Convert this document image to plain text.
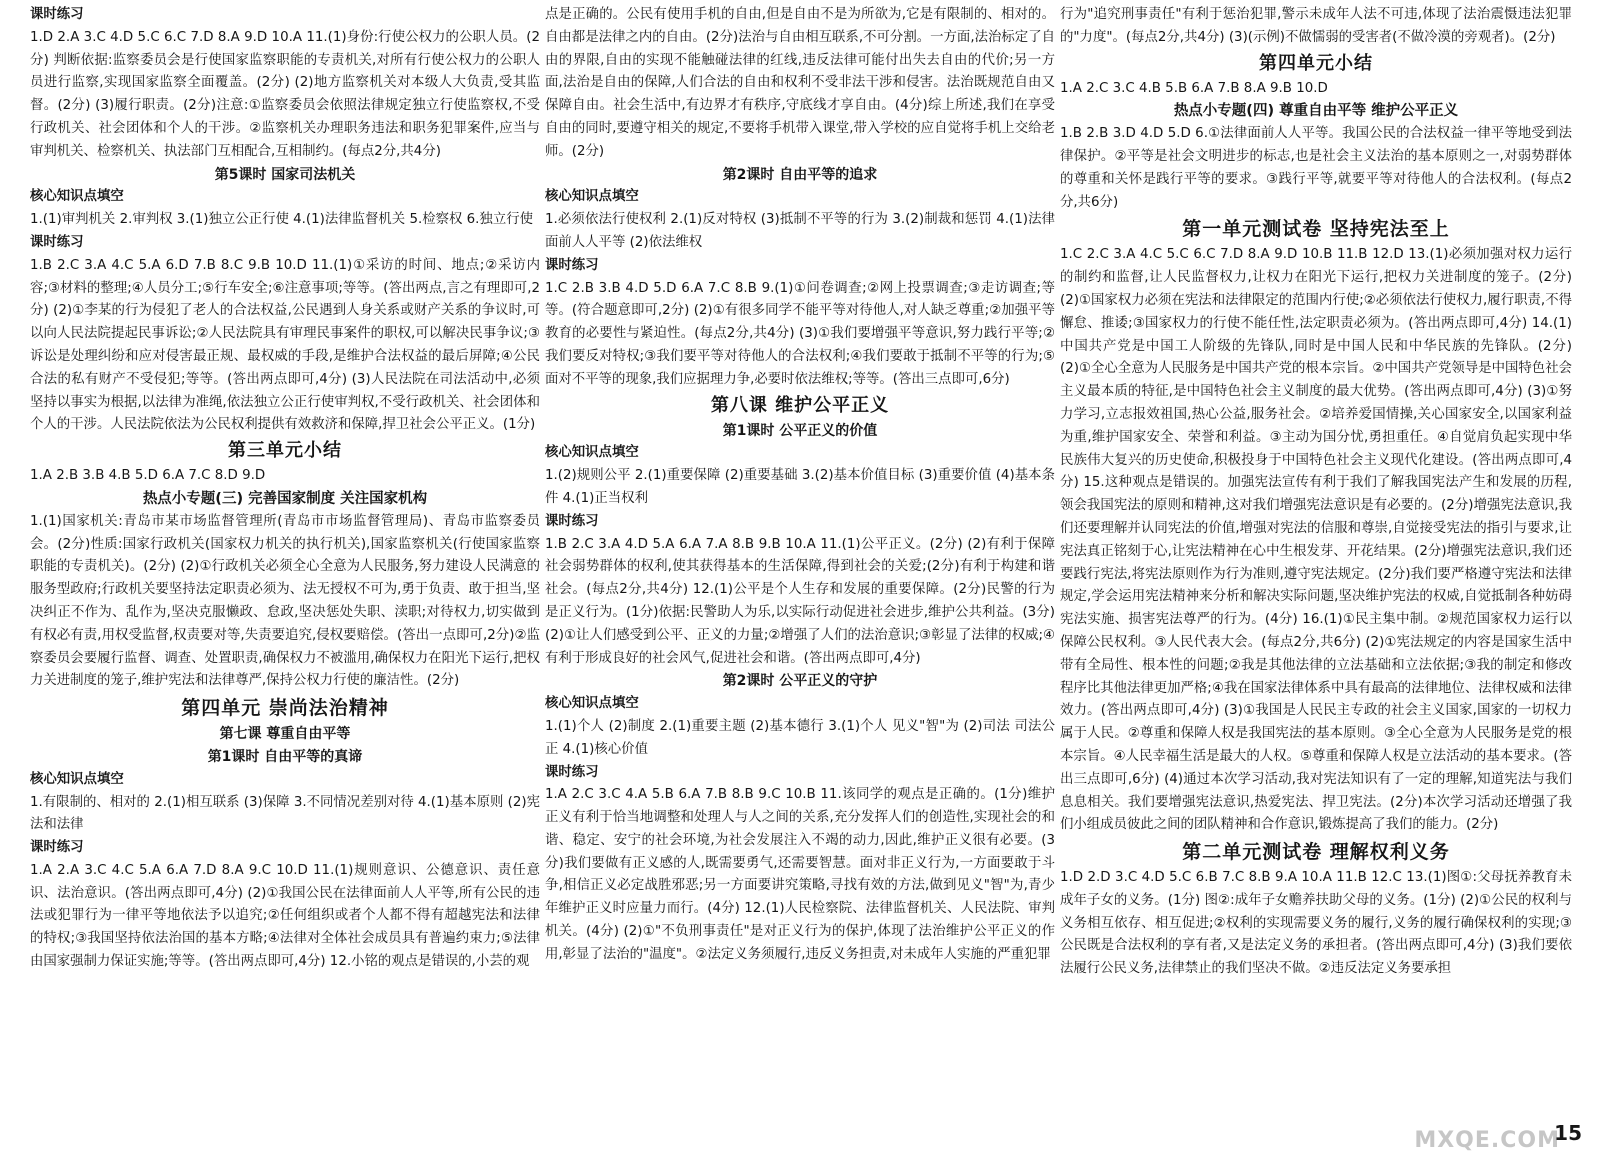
课时练习

1.D 2.A 3.C 4.D 5.C 6.C 7.D 8.A 9.D 10.A 11.(1)身份:行使公权力的公职人员。(2分) 判断依据:监察委员会是行使国家监察职能的专责机关,对所有行使公权力的公职人员进行监察,实现国家监察全面覆盖。(2分) (2)地方监察机关对本级人大负责,受其监督。(2分) (3)履行职责。(2分)注意:①监察委员会依照法律规定独立行使监察权,不受行政机关、社会团体和个人的干涉。②监察机关办理职务违法和职务犯罪案件,应当与审判机关、检察机关、执法部门互相配合,互相制约。(每点2分,共4分)

第5课时 国家司法机关

核心知识点填空

1.(1)审判机关 2.审判权 3.(1)独立公正行使 4.(1)法律监督机关 5.检察权 6.独立行使

课时练习

1.B 2.C 3.A 4.C 5.A 6.D 7.B 8.C 9.B 10.D 11.(1)①采访的时间、地点;②采访内容;③材料的整理;④人员分工;⑤行车安全;⑥注意事项;等等。(答出两点,言之有理即可,2分) (2)①李某的行为侵犯了老人的合法权益,公民遇到人身关系或财产关系的争议时,可以向人民法院提起民事诉讼;②人民法院具有审理民事案件的职权,可以解决民事争议;③诉讼是处理纠纷和应对侵害最正规、最权威的手段,是维护合法权益的最后屏障;④公民合法的私有财产不受侵犯;等等。(答出两点即可,4分) (3)人民法院在司法活动中,必须坚持以事实为根据,以法律为准绳,依法独立公正行使审判权,不受行政机关、社会团体和个人的干涉。人民法院依法为公民权利提供有效救济和保障,捍卫社会公平正义。(1分)

第三单元小结

1.A 2.B 3.B 4.B 5.D 6.A 7.C 8.D 9.D

热点小专题(三) 完善国家制度 关注国家机构

1.(1)国家机关:青岛市某市场监督管理所(青岛市市场监督管理局)、青岛市监察委员会。(2分)性质:国家行政机关(国家权力机关的执行机关),国家监察机关(行使国家监察职能的专责机关)。(2分) (2)①行政机关必须全心全意为人民服务,努力建设人民满意的服务型政府;行政机关要坚持法定职责必须为、法无授权不可为,勇于负责、敢于担当,坚决纠正不作为、乱作为,坚决克服懒政、怠政,坚决惩处失职、渎职;对待权力,切实做到有权必有责,用权受监督,权责要对等,失责要追究,侵权要赔偿。(答出一点即可,2分)②监察委员会要履行监督、调查、处置职责,确保权力不被滥用,确保权力在阳光下运行,把权力关进制度的笼子,维护宪法和法律尊严,保持公权力行使的廉洁性。(2分)

第四单元 崇尚法治精神

第七课 尊重自由平等

第1课时 自由平等的真谛

核心知识点填空

1.有限制的、相对的 2.(1)相互联系 (3)保障 3.不同情况差别对待 4.(1)基本原则 (2)宪法和法律

课时练习

1.A 2.A 3.C 4.C 5.A 6.A 7.D 8.A 9.C 10.D 11.(1)规则意识、公德意识、责任意识、法治意识。(答出两点即可,4分) (2)①我国公民在法律面前人人平等,所有公民的违法或犯罪行为一律平等地依法予以追究;②任何组织或者个人都不得有超越宪法和法律的特权;③我国坚持依法治国的基本方略;④法律对全体社会成员具有普遍约束力;⑤法律由国家强制力保证实施;等等。(答出两点即可,4分) 12.小铭的观点是错误的,小芸的观

点是正确的。公民有使用手机的自由,但是自由不是为所欲为,它是有限制的、相对的。自由都是法律之内的自由。(2分)法治与自由相互联系,不可分割。一方面,法治标定了自由的界限,自由的实现不能触碰法律的红线,违反法律可能付出失去自由的代价;另一方面,法治是自由的保障,人们合法的自由和权利不受非法干涉和侵害。法治既规范自由又保障自由。社会生活中,有边界才有秩序,守底线才享自由。(4分)综上所述,我们在享受自由的同时,要遵守相关的规定,不要将手机带入课堂,带入学校的应自觉将手机上交给老师。(2分)

第2课时 自由平等的追求

核心知识点填空

1.必须依法行使权利 2.(1)反对特权 (3)抵制不平等的行为 3.(2)制裁和惩罚 4.(1)法律面前人人平等 (2)依法维权

课时练习

1.C 2.B 3.B 4.D 5.D 6.A 7.C 8.B 9.(1)①问卷调查;②网上投票调查;③走访调查;等等。(符合题意即可,2分) (2)①有很多同学不能平等对待他人,对人缺乏尊重;②加强平等教育的必要性与紧迫性。(每点2分,共4分) (3)①我们要增强平等意识,努力践行平等;②我们要反对特权;③我们要平等对待他人的合法权利;④我们要敢于抵制不平等的行为;⑤面对不平等的现象,我们应据理力争,必要时依法维权;等等。(答出三点即可,6分)

第八课 维护公平正义

第1课时 公平正义的价值

核心知识点填空

1.(2)规则公平 2.(1)重要保障 (2)重要基础 3.(2)基本价值目标 (3)重要价值 (4)基本条件 4.(1)正当权利

课时练习

1.B 2.C 3.A 4.D 5.A 6.A 7.A 8.B 9.B 10.A 11.(1)公平正义。(2分) (2)有利于保障社会弱势群体的权利,使其获得基本的生活保障,得到社会的关爱;(2分)有利于构建和谐社会。(每点2分,共4分) 12.(1)公平是个人生存和发展的重要保障。(2分)民警的行为是正义行为。(1分)依据:民警助人为乐,以实际行动促进社会进步,维护公共利益。(3分) (2)①让人们感受到公平、正义的力量;②增强了人们的法治意识;③彰显了法律的权威;④有利于形成良好的社会风气,促进社会和谐。(答出两点即可,4分)

第2课时 公平正义的守护

核心知识点填空

1.(1)个人 (2)制度 2.(1)重要主题 (2)基本德行 3.(1)个人 见义"智"为 (2)司法 司法公正 4.(1)核心价值

课时练习

1.A 2.C 3.C 4.A 5.B 6.A 7.B 8.B 9.C 10.B 11.该同学的观点是正确的。(1分)维护正义有利于恰当地调整和处理人与人之间的关系,充分发挥人们的创造性,实现社会的和谐、稳定、安宁的社会环境,为社会发展注入不竭的动力,因此,维护正义很有必要。(3分)我们要做有正义感的人,既需要勇气,还需要智慧。面对非正义行为,一方面要敢于斗争,相信正义必定战胜邪恶;另一方面要讲究策略,寻找有效的方法,做到见义"智"为,青少年维护正义时应量力而行。(4分) 12.(1)人民检察院、法律监督机关、人民法院、审判机关。(4分) (2)①"不负刑事责任"是对正义行为的保护,体现了法治维护公平正义的作用,彰显了法治的"温度"。②法定义务须履行,违反义务担责,对未成年人实施的严重犯罪

行为"追究刑事责任"有利于惩治犯罪,警示未成年人法不可违,体现了法治震慑违法犯罪的"力度"。(每点2分,共4分) (3)(示例)不做懦弱的受害者(不做冷漠的旁观者)。(2分)

第四单元小结

1.A 2.C 3.C 4.B 5.B 6.A 7.B 8.A 9.B 10.D

热点小专题(四) 尊重自由平等 维护公平正义

1.B 2.B 3.D 4.D 5.D 6.①法律面前人人平等。我国公民的合法权益一律平等地受到法律保护。②平等是社会文明进步的标志,也是社会主义法治的基本原则之一,对弱势群体的尊重和关怀是践行平等的要求。③践行平等,就要平等对待他人的合法权利。(每点2分,共6分)

第一单元测试卷 坚持宪法至上

1.C 2.C 3.A 4.C 5.C 6.C 7.D 8.A 9.D 10.B 11.B 12.D 13.(1)必须加强对权力运行的制约和监督,让人民监督权力,让权力在阳光下运行,把权力关进制度的笼子。(2分) (2)①国家权力必须在宪法和法律限定的范围内行使;②必须依法行使权力,履行职责,不得懈怠、推诿;③国家权力的行使不能任性,法定职责必须为。(答出两点即可,4分) 14.(1)中国共产党是中国工人阶级的先锋队,同时是中国人民和中华民族的先锋队。(2分) (2)①全心全意为人民服务是中国共产党的根本宗旨。②中国共产党领导是中国特色社会主义最本质的特征,是中国特色社会主义制度的最大优势。(答出两点即可,4分) (3)①努力学习,立志报效祖国,热心公益,服务社会。②培养爱国情操,关心国家安全,以国家利益为重,维护国家安全、荣誉和利益。③主动为国分忧,勇担重任。④自觉肩负起实现中华民族伟大复兴的历史使命,积极投身于中国特色社会主义现代化建设。(答出两点即可,4分) 15.这种观点是错误的。加强宪法宣传有利于我们了解我国宪法产生和发展的历程,领会我国宪法的原则和精神,这对我们增强宪法意识是有必要的。(2分)增强宪法意识,我们还要理解并认同宪法的价值,增强对宪法的信服和尊崇,自觉接受宪法的指引与要求,让宪法真正铭刻于心,让宪法精神在心中生根发芽、开花结果。(2分)增强宪法意识,我们还要践行宪法,将宪法原则作为行为准则,遵守宪法规定。(2分)我们要严格遵守宪法和法律规定,学会运用宪法精神来分析和解决实际问题,坚决维护宪法的权威,自觉抵制各种妨碍宪法实施、损害宪法尊严的行为。(4分) 16.(1)①民主集中制。②规范国家权力运行以保障公民权利。③人民代表大会。(每点2分,共6分) (2)①宪法规定的内容是国家生活中带有全局性、根本性的问题;②我是其他法律的立法基础和立法依据;③我的制定和修改程序比其他法律更加严格;④我在国家法律体系中具有最高的法律地位、法律权威和法律效力。(答出两点即可,4分) (3)①我国是人民民主专政的社会主义国家,国家的一切权力属于人民。②尊重和保障人权是我国宪法的基本原则。③全心全意为人民服务是党的根本宗旨。④人民幸福生活是最大的人权。⑤尊重和保障人权是立法活动的基本要求。(答出三点即可,6分) (4)通过本次学习活动,我对宪法知识有了一定的理解,知道宪法与我们息息相关。我们要增强宪法意识,热爱宪法、捍卫宪法。(2分)本次学习活动还增强了我们小组成员彼此之间的团队精神和合作意识,锻炼提高了我们的能力。(2分)

第二单元测试卷 理解权利义务

1.D 2.D 3.C 4.D 5.C 6.B 7.C 8.B 9.A 10.A 11.B 12.C 13.(1)图①:父母抚养教育未成年子女的义务。(1分) 图②:成年子女赡养扶助父母的义务。(1分) (2)①公民的权利与义务相互依存、相互促进;②权利的实现需要义务的履行,义务的履行确保权利的实现;③公民既是合法权利的享有者,又是法定义务的承担者。(答出两点即可,4分) (3)我们要依法履行公民义务,法律禁止的我们坚决不做。②违反法定义务要承担

MXQE.COM
15
